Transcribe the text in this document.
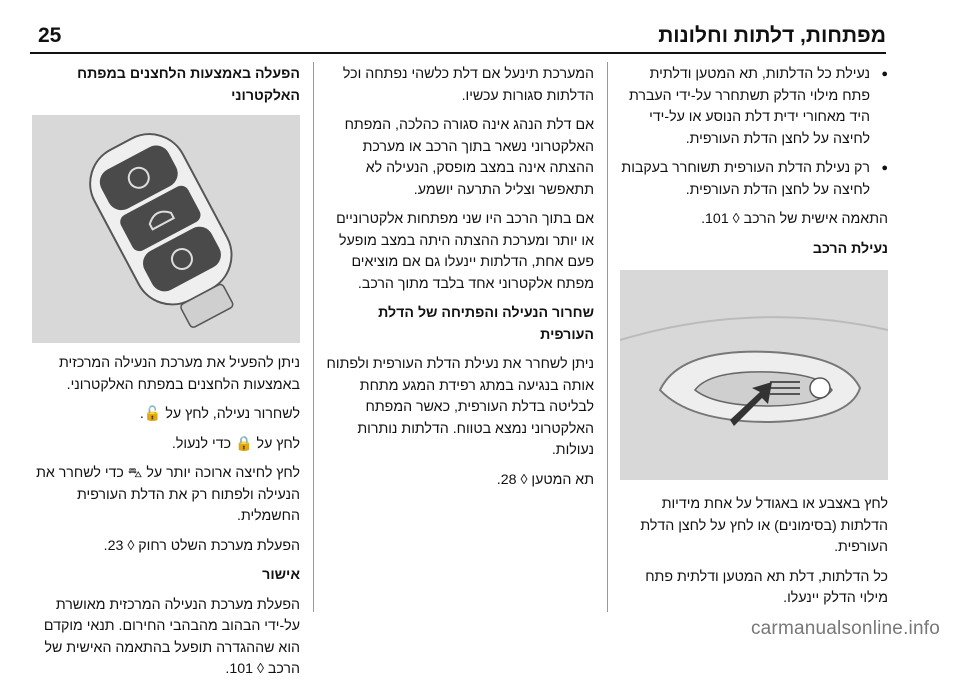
25	מפתחות, דלתות וחלונות
● נעילת כל הדלתות, תא המטען ודלתית פתח מילוי הדלק תשתחרר על-ידי העברת היד מאחורי ידית דלת הנוסע או על-ידי לחיצה על לחצן הדלת העורפית.
● רק נעילת הדלת העורפית תשוחרר בעקבות לחיצה על לחצן הדלת העורפית.

התאמה אישית של הרכב ◊ 101.

נעילת הרכב

לחץ באצבע או באגודל על אחת מידיות הדלתות (בסימונים) או לחץ על לחצן הדלת העורפית.

כל הדלתות, דלת תא המטען ודלתית פתח מילוי הדלק יינעלו.

המערכת תינעל אם דלת כלשהי נפתחה וכל הדלתות סגורות עכשיו.

אם דלת הנהג אינה סגורה כהלכה, המפתח האלקטרוני נשאר בתוך הרכב או מערכת ההצתה אינה במצב מופסק, הנעילה לא תתאפשר וצליל התרעה יושמע.

אם בתוך הרכב היו שני מפתחות אלקטרוניים או יותר ומערכת ההצתה היתה במצב מופעל פעם אחת, הדלתות יינעלו גם אם מוציאים מפתח אלקטרוני אחד בלבד מתוך הרכב.

שחרור הנעילה והפתיחה של הדלת העורפית

ניתן לשחרר את נעילת הדלת העורפית ולפתוח אותה בנגיעה במתג רפידת המגע מתחת לבליטה בדלת העורפית, כאשר המפתח האלקטרוני נמצא בטווח. הדלתות נותרות נעולות.

תא המטען ◊ 28.

הפעלה באמצעות הלחצנים במפתח האלקטרוני

ניתן להפעיל את מערכת הנעילה המרכזית באמצעות הלחצנים במפתח האלקטרוני.

לשחרור נעילה, לחץ על 🔓.

לחץ על 🔒 כדי לנעול.

לחץ לחיצה ארוכה יותר על ⛍ כדי לשחרר את הנעילה ולפתוח רק את הדלת העורפית החשמלית.

הפעלת מערכת השלט רחוק ◊ 23.

אישור

הפעלת מערכת הנעילה המרכזית מאושרת על-ידי הבהוב מהבהבי החירום. תנאי מוקדם הוא שההגדרה תופעל בהתאמה האישית של הרכב ◊ 101.

carmanualsonline.info
